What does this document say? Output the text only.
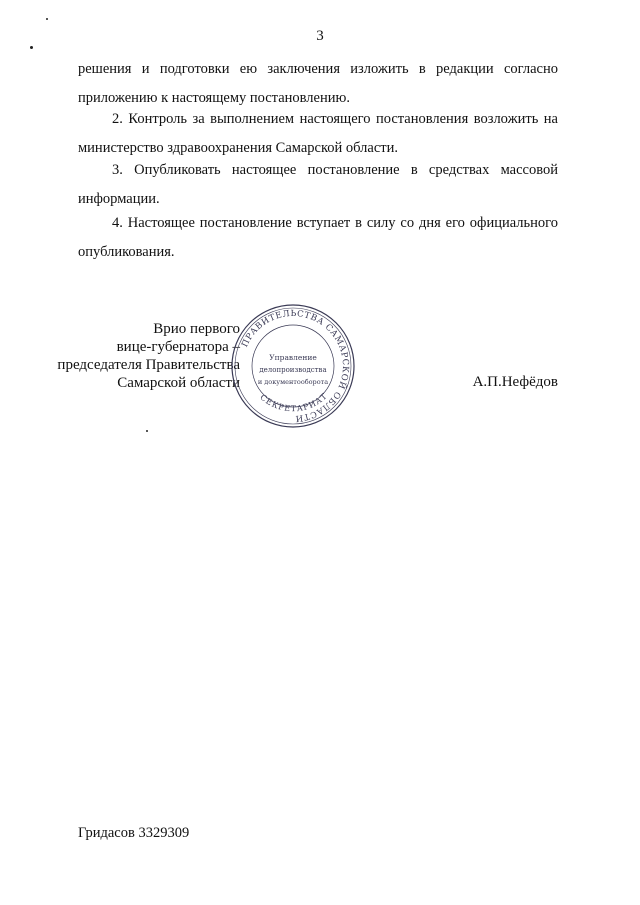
3
решения и подготовки ею заключения изложить в редакции согласно приложению к настоящему постановлению.
2. Контроль за выполнением настоящего постановления возложить на министерство здравоохранения Самарской области.
3. Опубликовать настоящее постановление в средствах массовой информации.
4. Настоящее постановление вступает в силу со дня его официального опубликования.
Врио первого
вице-губернатора –
председателя Правительства
Самарской области
ПРАВИТЕЛЬСТВА САМАРСКОЙ ОБЛАСТИ
СЕКРЕТАРИАТ
Управление
делопроизводства
и документооборота	А.П.Нефёдов
Гридасов 3329309
